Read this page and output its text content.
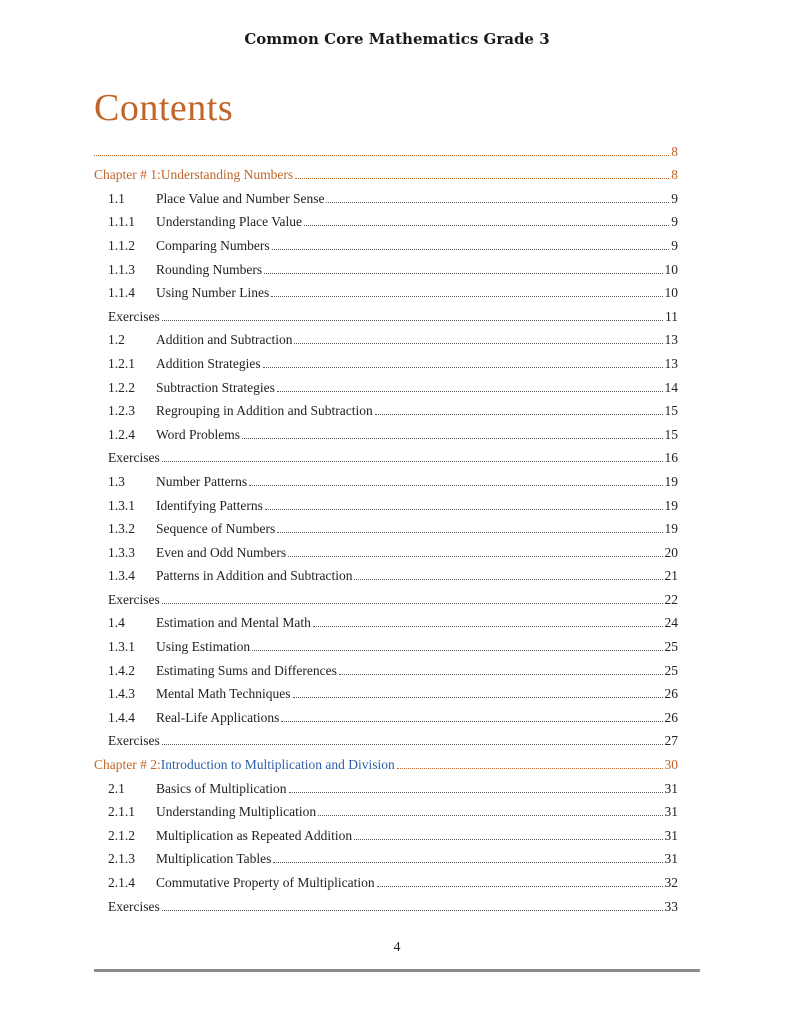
Common Core Mathematics Grade 3
Contents
8
Chapter # 1: Understanding Numbers	8
1.1	Place Value and Number Sense	9
1.1.1	Understanding Place Value	9
1.1.2	Comparing Numbers	9
1.1.3	Rounding Numbers	10
1.1.4	Using Number Lines	10
Exercises	11
1.2	Addition and Subtraction	13
1.2.1	Addition Strategies	13
1.2.2	Subtraction Strategies	14
1.2.3	Regrouping in Addition and Subtraction	15
1.2.4	Word Problems	15
Exercises	16
1.3	Number Patterns	19
1.3.1	Identifying Patterns	19
1.3.2	Sequence of Numbers	19
1.3.3	Even and Odd Numbers	20
1.3.4	Patterns in Addition and Subtraction	21
Exercises	22
1.4	Estimation and Mental Math	24
1.3.1	Using Estimation	25
1.4.2	Estimating Sums and Differences	25
1.4.3	Mental Math Techniques	26
1.4.4	Real-Life Applications	26
Exercises	27
Chapter # 2: Introduction to Multiplication and Division	30
2.1	Basics of Multiplication	31
2.1.1	Understanding Multiplication	31
2.1.2	Multiplication as Repeated Addition	31
2.1.3	Multiplication Tables	31
2.1.4	Commutative Property of Multiplication	32
Exercises	33
4
